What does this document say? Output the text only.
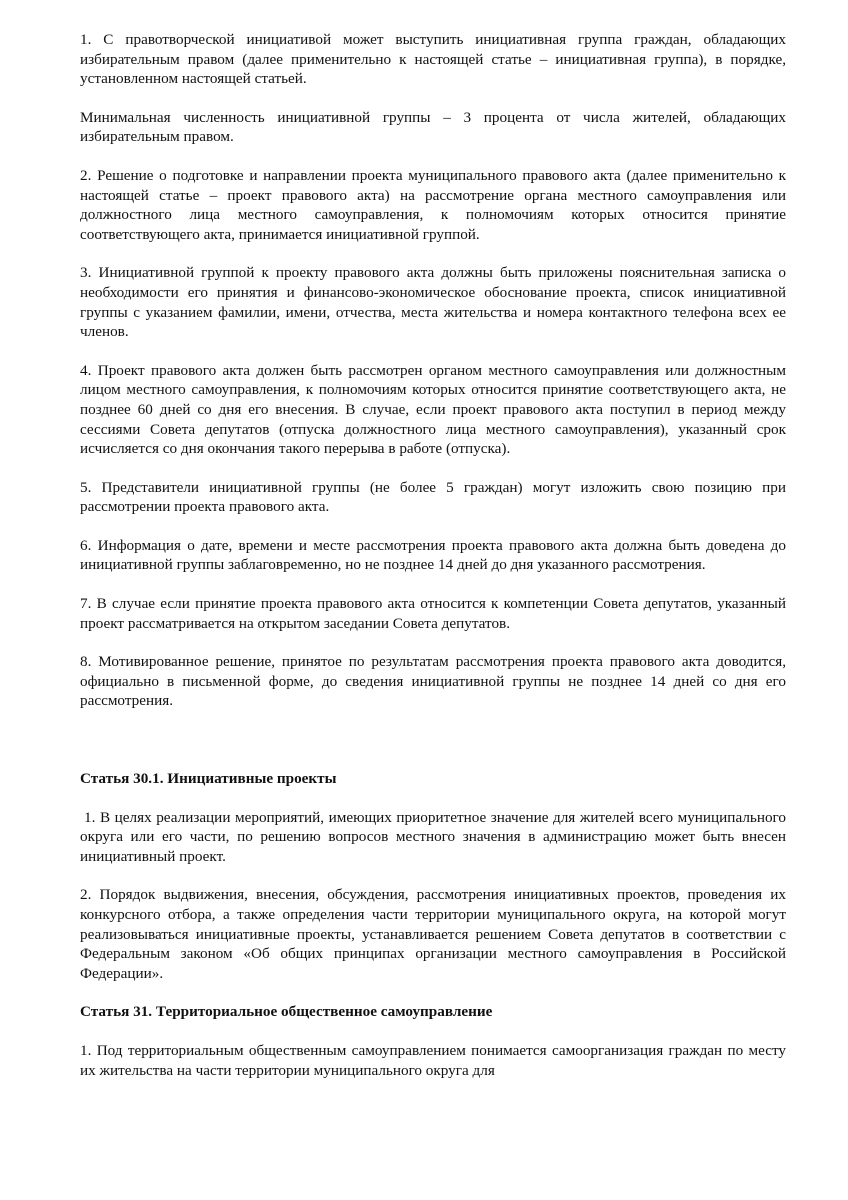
1. С правотворческой инициативой может выступить инициативная группа граждан, обладающих избирательным правом (далее применительно к настоящей статье – инициативная группа), в порядке, установленном настоящей статьей.

Минимальная численность инициативной группы – 3 процента от числа жителей, обладающих избирательным правом.

2. Решение о подготовке и направлении проекта муниципального правового акта (далее применительно к настоящей статье – проект правового акта) на рассмотрение органа местного самоуправления или должностного лица местного самоуправления, к полномочиям которых относится принятие соответствующего акта, принимается инициативной группой.

3. Инициативной группой к проекту правового акта должны быть приложены пояснительная записка о необходимости его принятия и финансово-экономическое обоснование проекта, список инициативной группы с указанием фамилии, имени, отчества, места жительства и номера контактного телефона всех ее членов.

4. Проект правового акта должен быть рассмотрен органом местного самоуправления или должностным лицом местного самоуправления, к полномочиям которых относится принятие соответствующего акта, не позднее 60 дней со дня его внесения. В случае, если проект правового акта поступил в период между сессиями Совета депутатов (отпуска должностного лица местного самоуправления), указанный срок исчисляется со дня окончания такого перерыва в работе (отпуска).

5. Представители инициативной группы (не более 5 граждан) могут изложить свою позицию при рассмотрении проекта правового акта.

6. Информация о дате, времени и месте рассмотрения проекта правового акта должна быть доведена до инициативной группы заблаговременно, но не позднее 14 дней до дня указанного рассмотрения.

7. В случае если принятие проекта правового акта относится к компетенции Совета депутатов, указанный проект рассматривается на открытом заседании Совета депутатов.

8. Мотивированное решение, принятое по результатам рассмотрения проекта правового акта доводится, официально в письменной форме, до сведения инициативной группы не позднее 14 дней со дня его рассмотрения.

Статья 30.1. Инициативные проекты

1. В целях реализации мероприятий, имеющих приоритетное значение для жителей всего муниципального округа или его части, по решению вопросов местного значения в администрацию может быть внесен инициативный проект.

2. Порядок выдвижения, внесения, обсуждения, рассмотрения инициативных проектов, проведения их конкурсного отбора, а также определения части территории муниципального округа, на которой могут реализовываться инициативные проекты, устанавливается решением Совета депутатов в соответствии с Федеральным законом «Об общих принципах организации местного самоуправления в Российской Федерации».

Статья 31. Территориальное общественное самоуправление

1. Под территориальным общественным самоуправлением понимается самоорганизация граждан по месту их жительства на части территории муниципального округа для
